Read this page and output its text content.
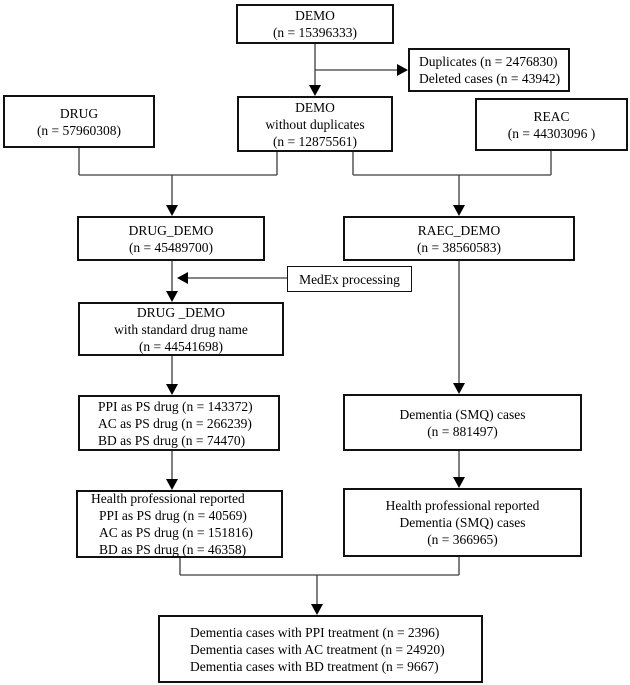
DEMO
(n = 15396333)
Duplicates (n = 2476830)
Deleted cases (n = 43942)
DRUG
(n = 57960308)
DEMO
without duplicates
(n = 12875561)
REAC
(n = 44303096 )
DRUG_DEMO
(n = 45489700)
RAEC_DEMO
(n = 38560583)
MedEx processing
DRUG _DEMO
with standard drug name
(n = 44541698)
PPI as PS drug (n = 143372)
AC as PS drug (n = 266239)
BD as PS drug (n = 74470)
Health professional reported
PPI as PS drug (n = 40569)
AC as PS drug (n = 151816)
BD as PS drug (n = 46358)
Dementia (SMQ) cases
(n = 881497)
Health professional reported
Dementia (SMQ) cases
(n = 366965)
Dementia cases with PPI treatment (n = 2396)
Dementia cases with AC treatment (n = 24920)
Dementia cases with BD treatment (n = 9667)
